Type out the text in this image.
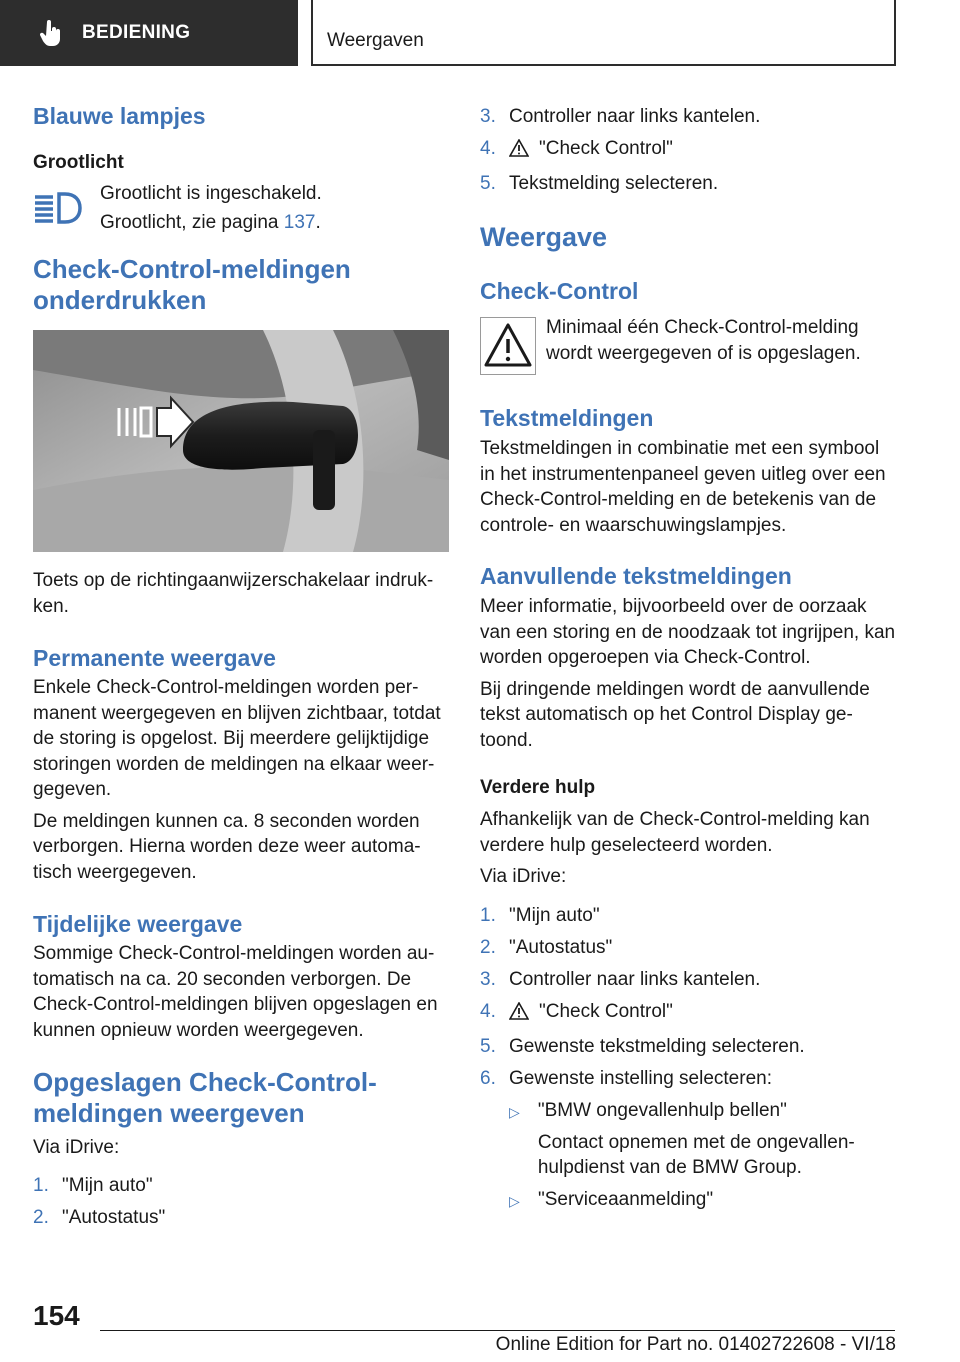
BEDIENING	Weergaven
Blauwe lampjes
Grootlicht

Grootlicht is ingeschakeld.

Grootlicht, zie pagina 137.

Check-Control-meldingen
onderdrukken

Toets op de richtingaanwijzerschakelaar indruk-ken.

Permanente weergave

Enkele Check-Control-meldingen worden per-manent weergegeven en blijven zichtbaar, totdat de storing is opgelost. Bij meerdere gelijktijdige storingen worden de meldingen na elkaar weer-gegeven.

De meldingen kunnen ca. 8 seconden worden verborgen. Hierna worden deze weer automa-tisch weergegeven.

Tijdelijke weergave

Sommige Check-Control-meldingen worden au-tomatisch na ca. 20 seconden verborgen. De Check-Control-meldingen blijven opgeslagen en kunnen opnieuw worden weergegeven.

Opgeslagen Check-Control-
meldingen weergeven

Via iDrive:

1. "Mijn auto"
2. "Autostatus"
3. Controller naar links kantelen.
4.	"Check Control"
5. Tekstmelding selecteren.
Weergave
Check-Control

Minimaal één Check-Control-melding wordt weergegeven of is opgeslagen.

Tekstmeldingen

Tekstmeldingen in combinatie met een symbool in het instrumentenpaneel geven uitleg over een Check-Control-melding en de betekenis van de controle- en waarschuwingslampjes.

Aanvullende tekstmeldingen

Meer informatie, bijvoorbeeld over de oorzaak van een storing en de noodzaak tot ingrijpen, kan worden opgeroepen via Check-Control.

Bij dringende meldingen wordt de aanvullende tekst automatisch op het Control Display ge-toond.

Verdere hulp

Afhankelijk van de Check-Control-melding kan verdere hulp geselecteerd worden.

Via iDrive:

1. "Mijn auto"
2. "Autostatus"
3. Controller naar links kantelen.
4.	"Check Control"
5. Gewenste tekstmelding selecteren.
6. Gewenste instelling selecteren:
▷ "BMW ongevallenhulp bellen"
Contact opnemen met de ongevallen-hulpdienst van de BMW Group.
▷ "Serviceaanmelding"
154
Online Edition for Part no. 01402722608 - VI/18
